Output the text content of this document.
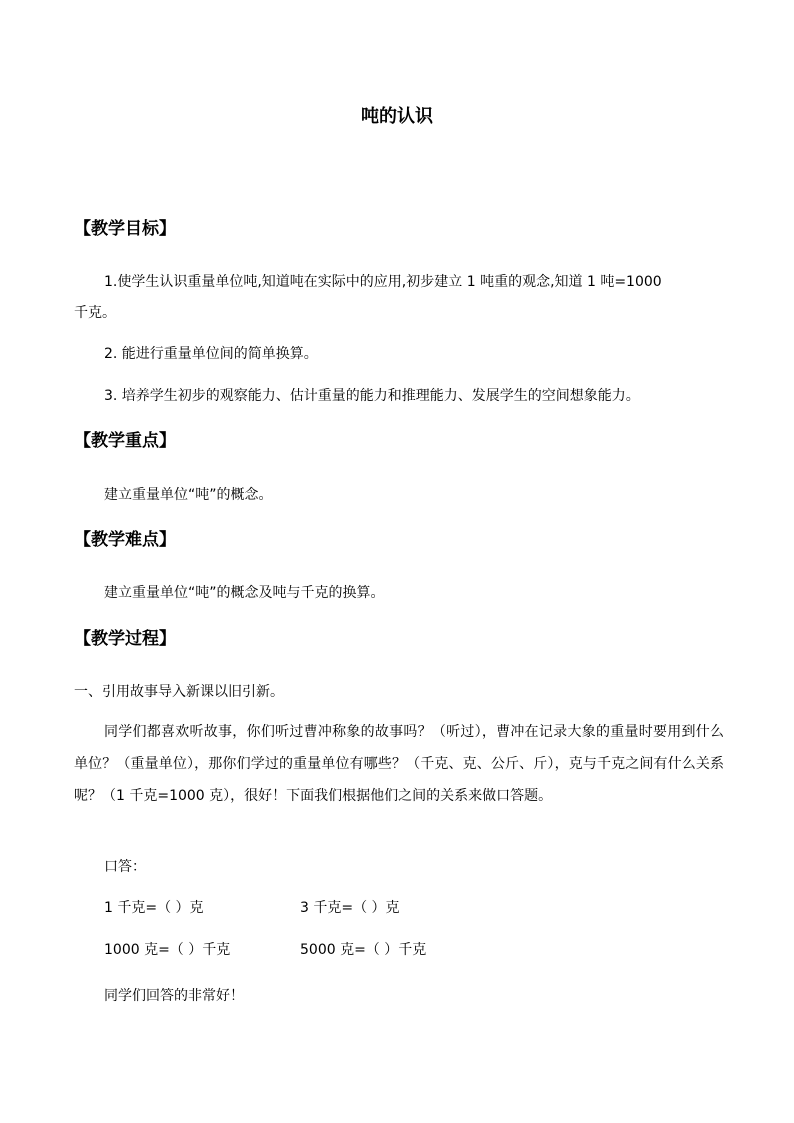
吨的认识
【教学目标】
1.使学生认识重量单位吨,知道吨在实际中的应用,初步建立 1 吨重的观念,知道 1 吨=1000
千克。
2. 能进行重量单位间的简单换算。
3. 培养学生初步的观察能力、估计重量的能力和推理能力、发展学生的空间想象能力。
【教学重点】
建立重量单位“吨”的概念。
【教学难点】
建立重量单位“吨”的概念及吨与千克的换算。
【教学过程】
一、引用故事导入新课以旧引新。
同学们都喜欢听故事，你们听过曹冲称象的故事吗？（听过），曹冲在记录大象的重量时要用到什么单位？（重量单位），那你们学过的重量单位有哪些？（千克、克、公斤、斤），克与千克之间有什么关系呢？（1 千克=1000 克），很好！下面我们根据他们之间的关系来做口答题。
口答：
1 千克=（ ）克	3 千克=（ ）克
1000 克=（ ）千克	5000 克=（ ）千克
同学们回答的非常好！
